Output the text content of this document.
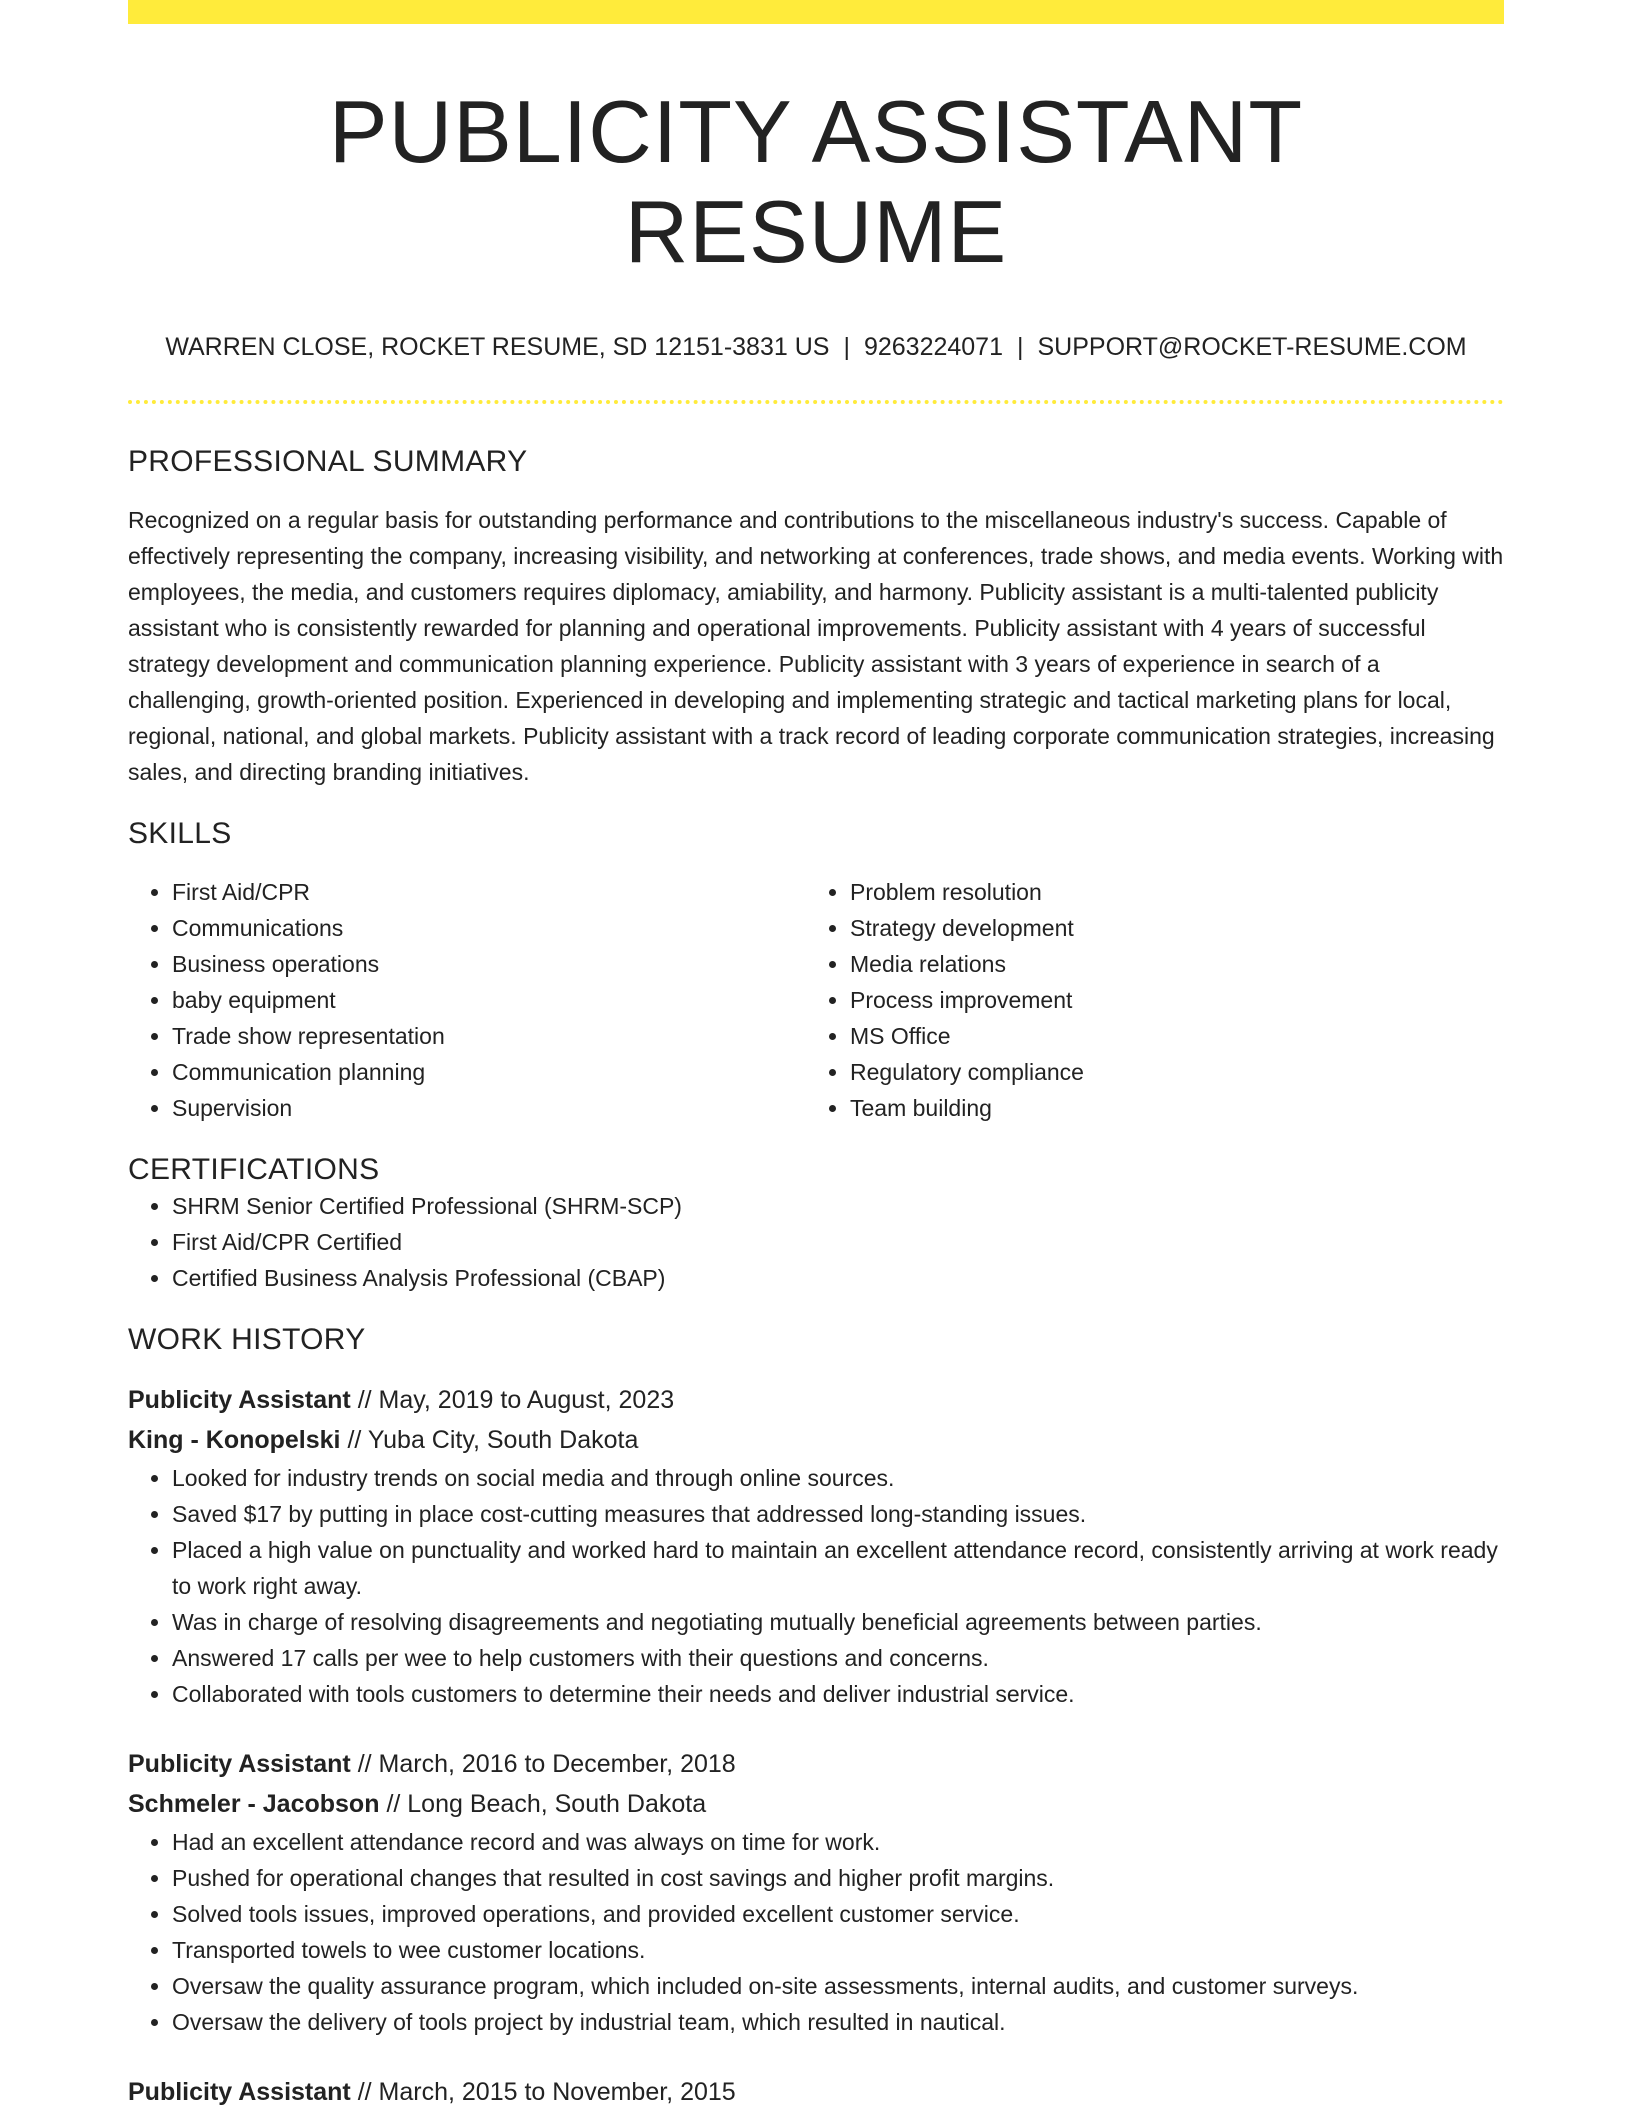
PUBLICITY ASSISTANT RESUME
WARREN CLOSE, ROCKET RESUME, SD 12151-3831 US | 9263224071 | SUPPORT@ROCKET-RESUME.COM
PROFESSIONAL SUMMARY
Recognized on a regular basis for outstanding performance and contributions to the miscellaneous industry's success. Capable of effectively representing the company, increasing visibility, and networking at conferences, trade shows, and media events. Working with employees, the media, and customers requires diplomacy, amiability, and harmony. Publicity assistant is a multi-talented publicity assistant who is consistently rewarded for planning and operational improvements. Publicity assistant with 4 years of successful strategy development and communication planning experience. Publicity assistant with 3 years of experience in search of a challenging, growth-oriented position. Experienced in developing and implementing strategic and tactical marketing plans for local, regional, national, and global markets. Publicity assistant with a track record of leading corporate communication strategies, increasing sales, and directing branding initiatives.
SKILLS
• First Aid/CPR
• Communications
• Business operations
• baby equipment
• Trade show representation
• Communication planning
• Supervision
• Problem resolution
• Strategy development
• Media relations
• Process improvement
• MS Office
• Regulatory compliance
• Team building
CERTIFICATIONS
• SHRM Senior Certified Professional (SHRM-SCP)
• First Aid/CPR Certified
• Certified Business Analysis Professional (CBAP)
WORK HISTORY
Publicity Assistant // May, 2019 to August, 2023
King - Konopelski // Yuba City, South Dakota
• Looked for industry trends on social media and through online sources.
• Saved $17 by putting in place cost-cutting measures that addressed long-standing issues.
• Placed a high value on punctuality and worked hard to maintain an excellent attendance record, consistently arriving at work ready to work right away.
• Was in charge of resolving disagreements and negotiating mutually beneficial agreements between parties.
• Answered 17 calls per wee to help customers with their questions and concerns.
• Collaborated with tools customers to determine their needs and deliver industrial service.
Publicity Assistant // March, 2016 to December, 2018
Schmeler - Jacobson // Long Beach, South Dakota
• Had an excellent attendance record and was always on time for work.
• Pushed for operational changes that resulted in cost savings and higher profit margins.
• Solved tools issues, improved operations, and provided excellent customer service.
• Transported towels to wee customer locations.
• Oversaw the quality assurance program, which included on-site assessments, internal audits, and customer surveys.
• Oversaw the delivery of tools project by industrial team, which resulted in nautical.
Publicity Assistant // March, 2015 to November, 2015
